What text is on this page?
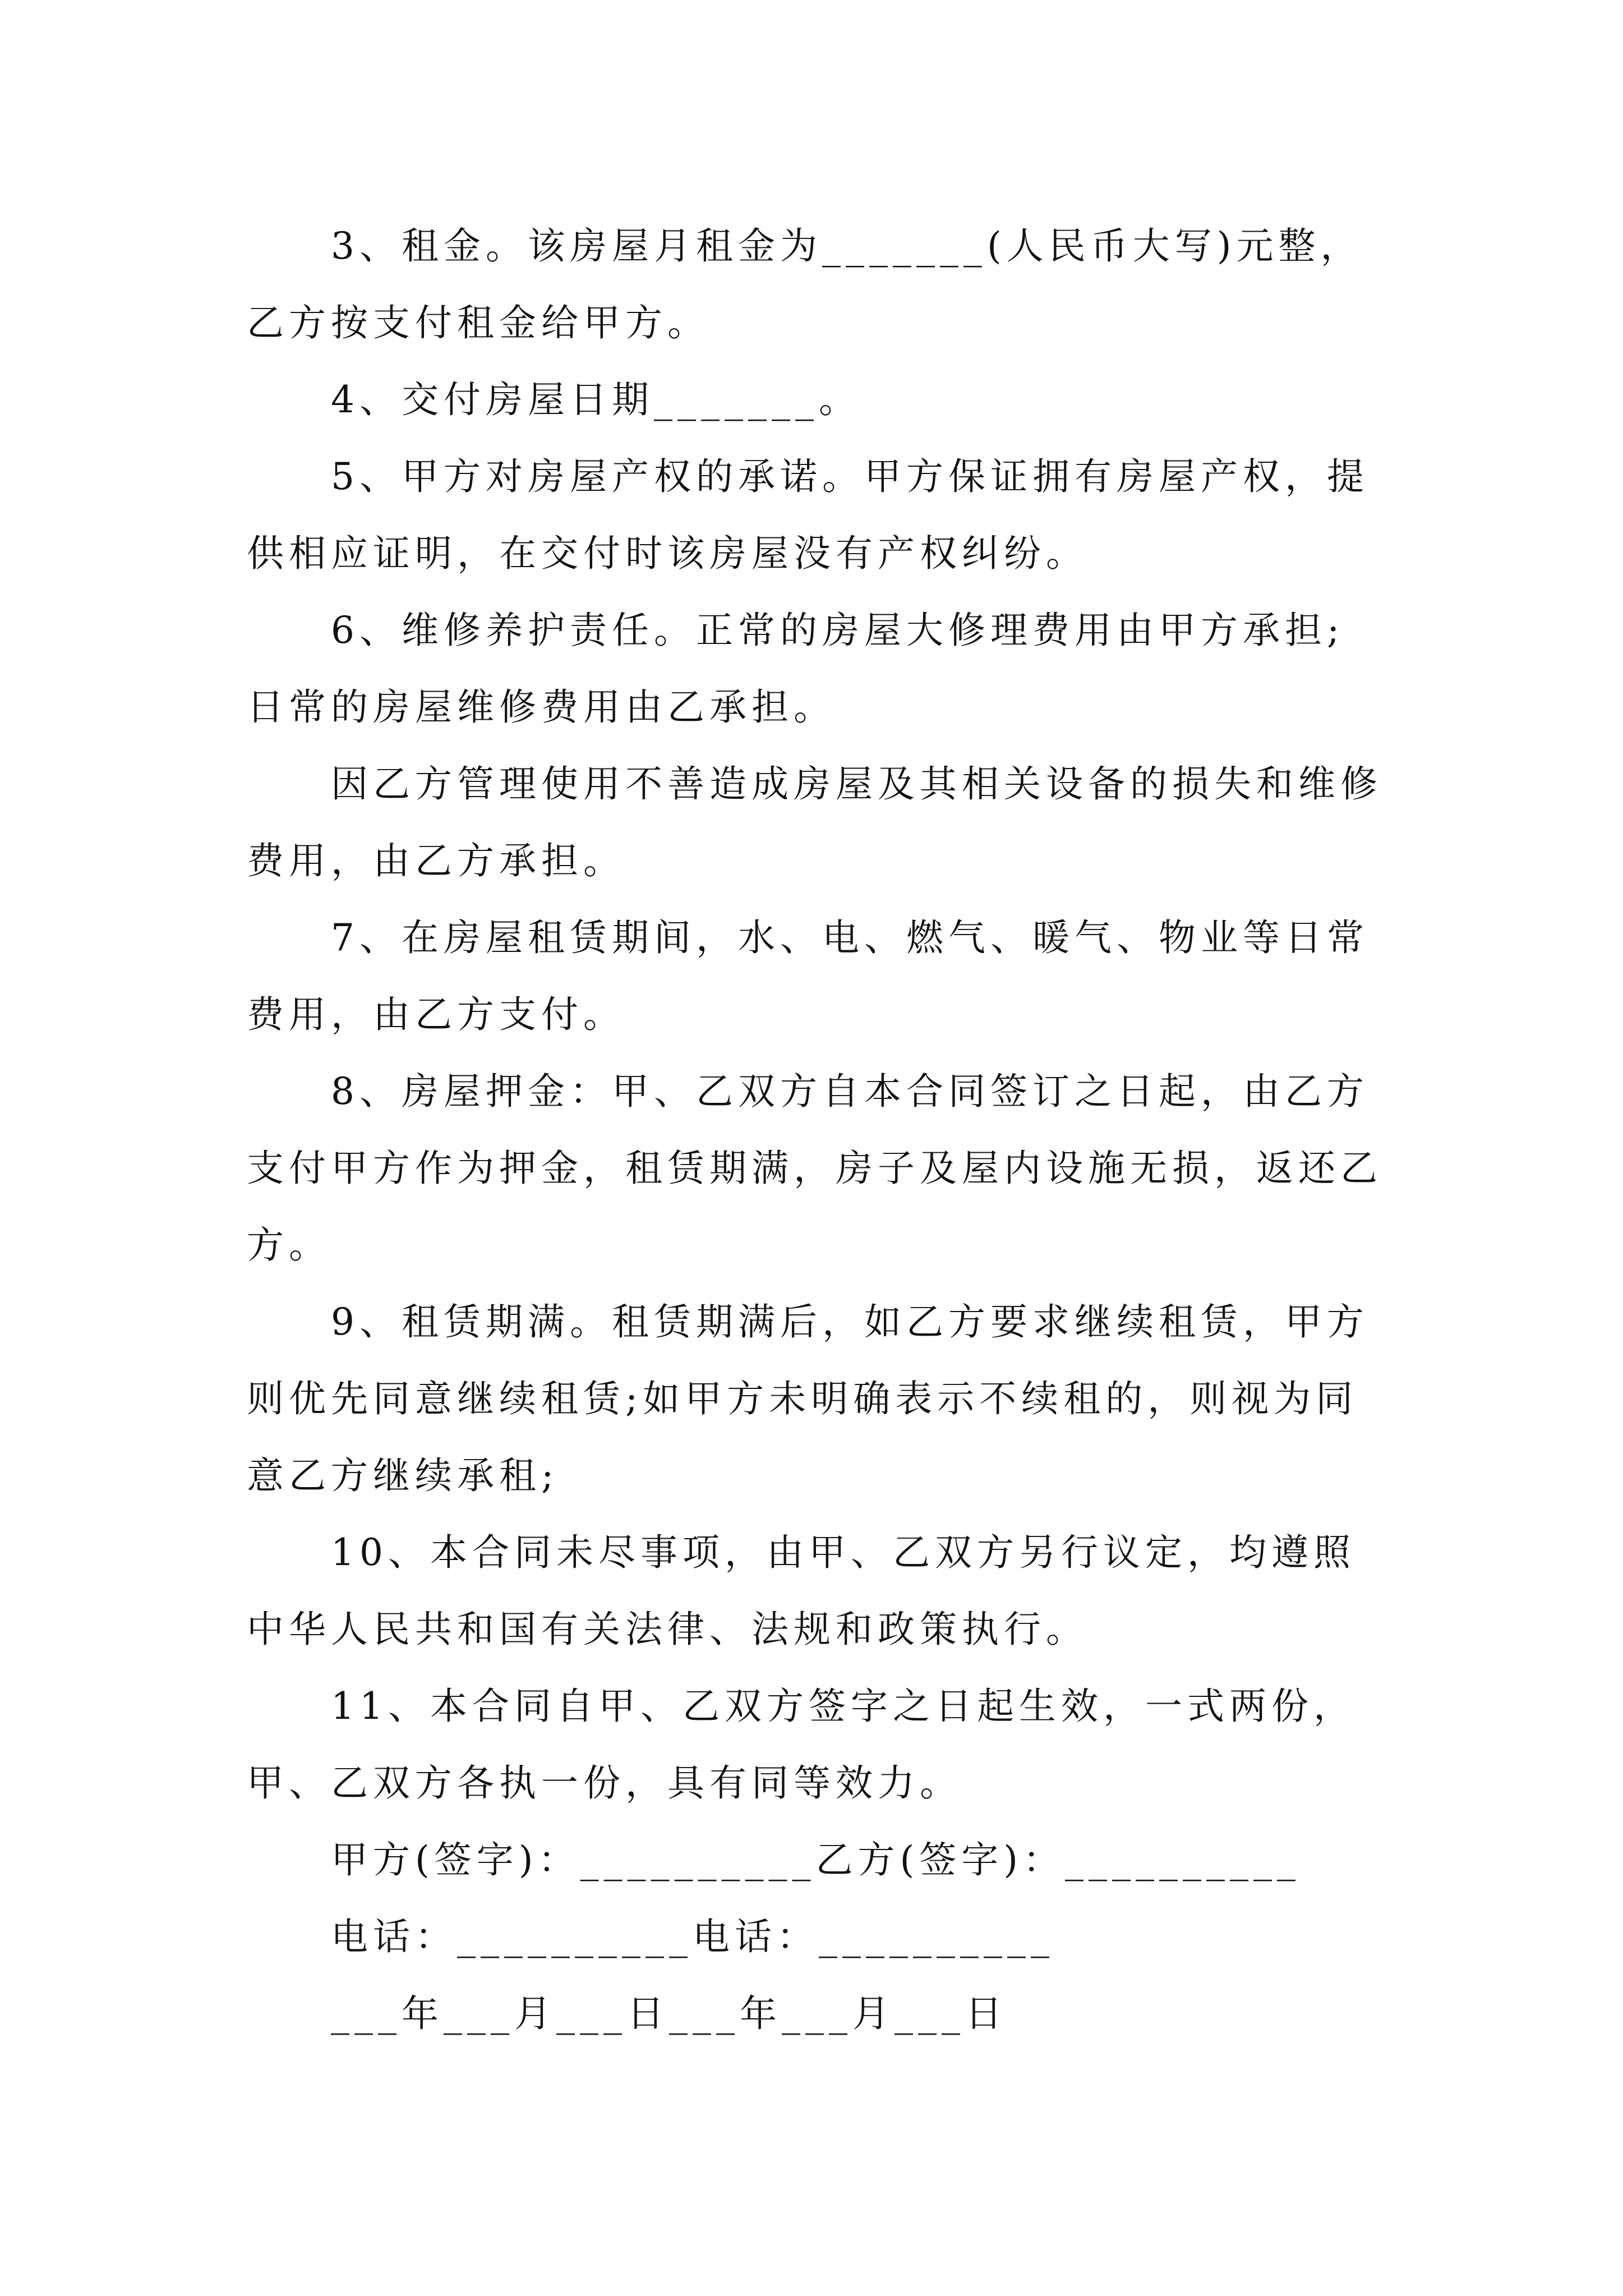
3、租金。该房屋月租金为_______(人民币大写)元整，乙方按支付租金给甲方。

4、交付房屋日期_______。

5、甲方对房屋产权的承诺。甲方保证拥有房屋产权，提供相应证明，在交付时该房屋没有产权纠纷。

6、维修养护责任。正常的房屋大修理费用由甲方承担;日常的房屋维修费用由乙承担。

因乙方管理使用不善造成房屋及其相关设备的损失和维修费用，由乙方承担。

7、在房屋租赁期间，水、电、燃气、暖气、物业等日常费用，由乙方支付。

8、房屋押金：甲、乙双方自本合同签订之日起，由乙方支付甲方作为押金，租赁期满，房子及屋内设施无损，返还乙方。

9、租赁期满。租赁期满后，如乙方要求继续租赁，甲方则优先同意继续租赁;如甲方未明确表示不续租的，则视为同意乙方继续承租;

10、本合同未尽事项，由甲、乙双方另行议定，均遵照中华人民共和国有关法律、法规和政策执行。

11、本合同自甲、乙双方签字之日起生效，一式两份，甲、乙双方各执一份，具有同等效力。

甲方(签字)：__________乙方(签字)：__________

电话：__________电话：__________

___年___月___日___年___月___日
